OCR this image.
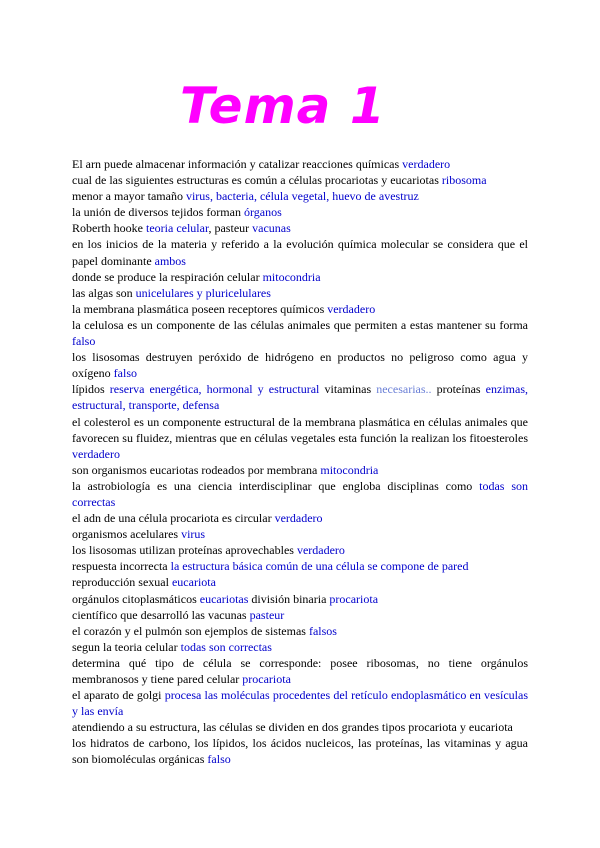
Tema 1
El arn puede almacenar información y catalizar reacciones químicas verdadero
cual de las siguientes estructuras es común a células procariotas y eucariotas ribosoma
menor a mayor tamaño virus, bacteria, célula vegetal, huevo de avestruz
la unión de diversos tejidos forman órganos
Roberth hooke teoria celular, pasteur vacunas
en los inicios de la materia y referido a la evolución química molecular se considera que el papel dominante ambos
donde se produce la respiración celular mitocondria
las algas son unicelulares y pluricelulares
la membrana plasmática poseen receptores químicos verdadero
la celulosa es un componente de las células animales que permiten a estas mantener su forma falso
los lisosomas destruyen peróxido de hidrógeno en productos no peligroso como agua y oxígeno falso
lípidos reserva energética, hormonal y estructural vitaminas necesarias.. proteínas enzimas, estructural, transporte, defensa
el colesterol es un componente estructural de la membrana plasmática en células animales que favorecen su fluidez, mientras que en células vegetales esta función la realizan los fitoesteroles verdadero
son organismos eucariotas rodeados por membrana mitocondria
la astrobiología es una ciencia interdisciplinar que engloba disciplinas como todas son correctas
el adn de una célula procariota es circular verdadero
organismos acelulares virus
los lisosomas utilizan proteínas aprovechables verdadero
respuesta incorrecta la estructura básica común de una célula se compone de pared
reproducción sexual eucariota
orgánulos citoplasmáticos eucariotas división binaria procariota
científico que desarrolló las vacunas pasteur
el corazón y el pulmón son ejemplos de sistemas falsos
segun la teoria celular todas son correctas
determina qué tipo de célula se corresponde: posee ribosomas, no tiene orgánulos membranosos y tiene pared celular procariota
el aparato de golgi procesa las moléculas procedentes del retículo endoplasmático en vesículas y las envía
atendiendo a su estructura, las células se dividen en dos grandes tipos procariota y eucariota
los hidratos de carbono, los lípidos, los ácidos nucleicos, las proteínas, las vitaminas y agua son biomoléculas orgánicas falso
